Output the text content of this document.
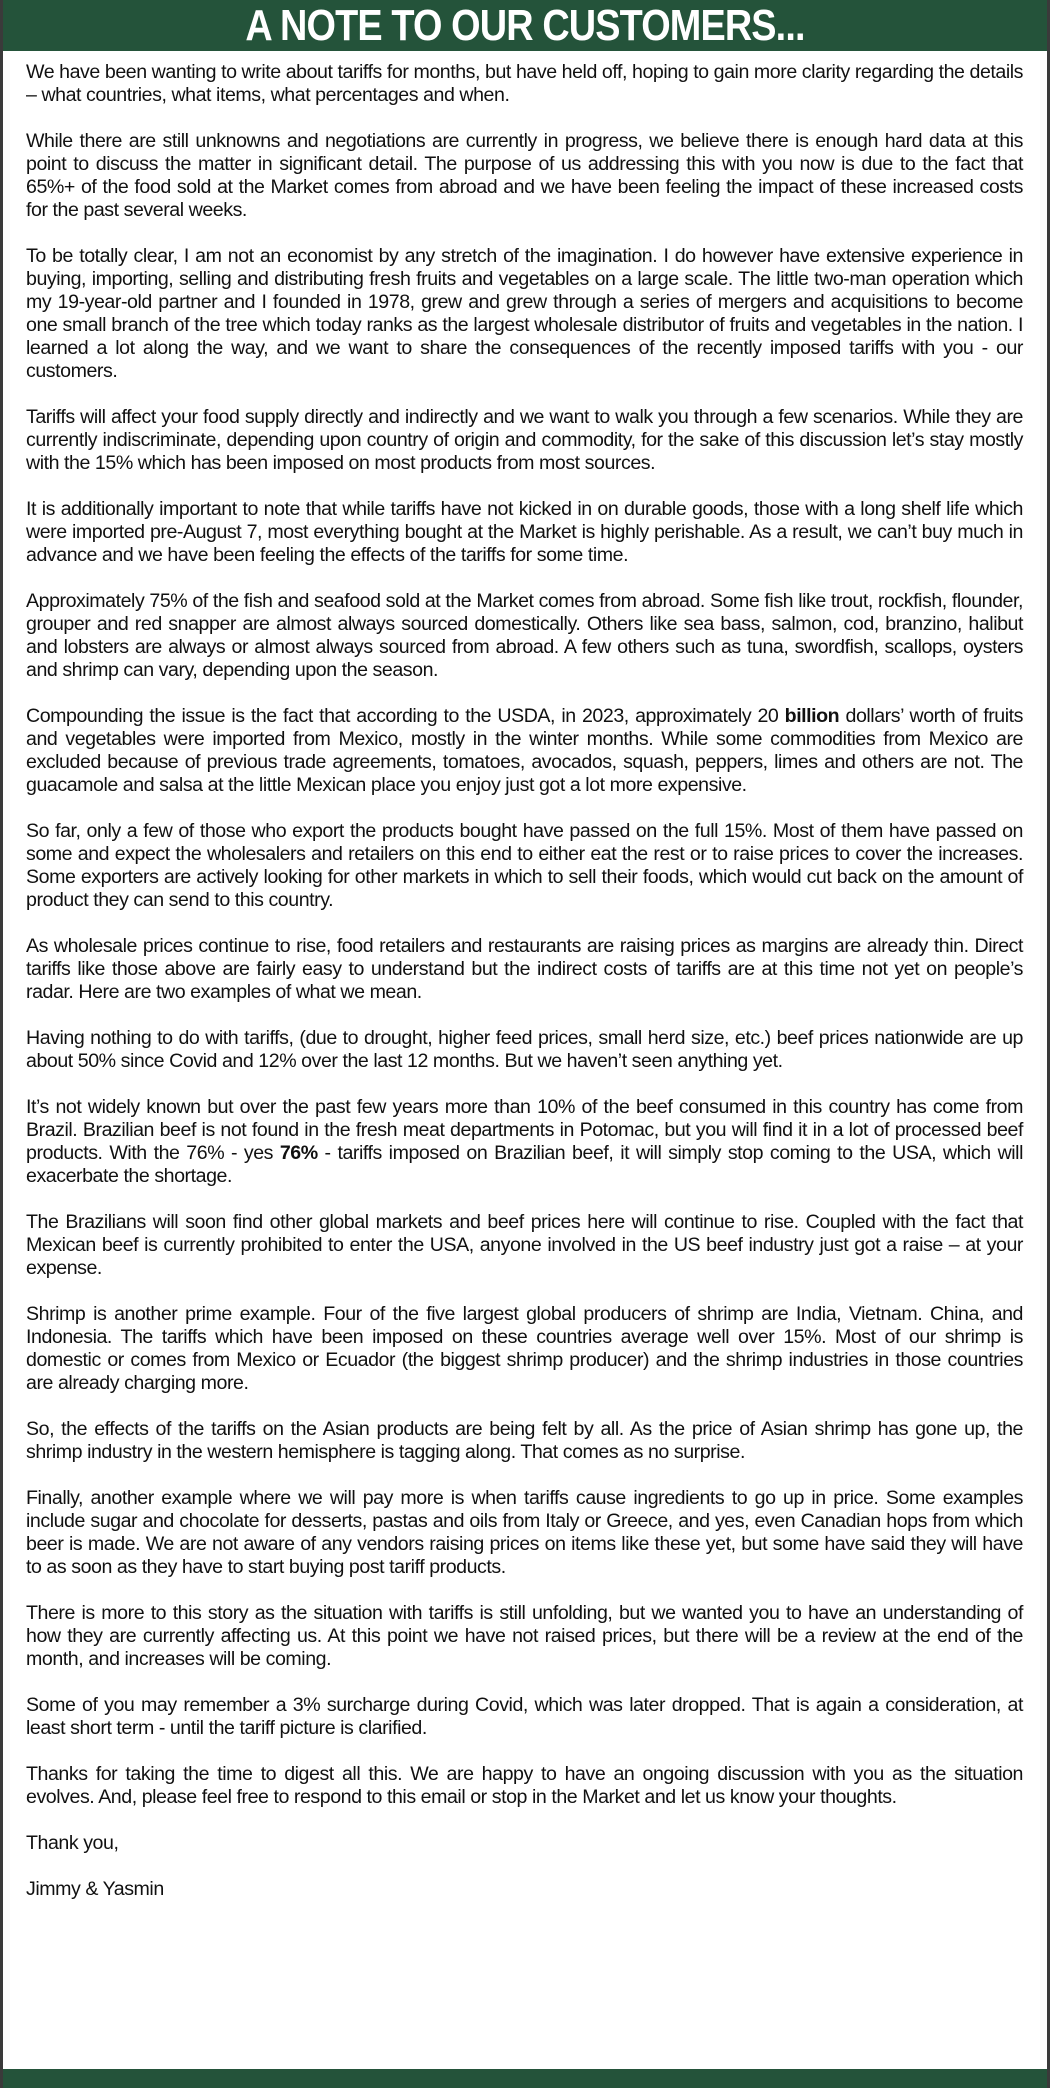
A NOTE TO OUR CUSTOMERS...

We have been wanting to write about tariffs for months, but have held off, hoping to gain more clarity regarding the details – what countries, what items, what percentages and when.

While there are still unknowns and negotiations are currently in progress, we believe there is enough hard data at this point to discuss the matter in significant detail. The purpose of us addressing this with you now is due to the fact that 65%+ of the food sold at the Market comes from abroad and we have been feeling the impact of these increased costs for the past several weeks.

To be totally clear, I am not an economist by any stretch of the imagination. I do however have extensive experience in buying, importing, selling and distributing fresh fruits and vegetables on a large scale. The little two-man operation which my 19-year-old partner and I founded in 1978, grew and grew through a series of mergers and acquisitions to become one small branch of the tree which today ranks as the largest wholesale distributor of fruits and vegetables in the nation. I learned a lot along the way, and we want to share the consequences of the recently imposed tariffs with you - our customers.

Tariffs will affect your food supply directly and indirectly and we want to walk you through a few scenarios. While they are currently indiscriminate, depending upon country of origin and commodity, for the sake of this discussion let’s stay mostly with the 15% which has been imposed on most products from most sources.

It is additionally important to note that while tariffs have not kicked in on durable goods, those with a long shelf life which were imported pre-August 7, most everything bought at the Market is highly perishable. As a result, we can’t buy much in advance and we have been feeling the effects of the tariffs for some time.

Approximately 75% of the fish and seafood sold at the Market comes from abroad. Some fish like trout, rockfish, flounder, grouper and red snapper are almost always sourced domestically. Others like sea bass, salmon, cod, branzino, halibut and lobsters are always or almost always sourced from abroad. A few others such as tuna, swordfish, scallops, oysters and shrimp can vary, depending upon the season.

Compounding the issue is the fact that according to the USDA, in 2023, approximately 20 billion dollars’ worth of fruits and vegetables were imported from Mexico, mostly in the winter months. While some commodities from Mexico are excluded because of previous trade agreements, tomatoes, avocados, squash, peppers, limes and others are not. The guacamole and salsa at the little Mexican place you enjoy just got a lot more expensive.

So far, only a few of those who export the products bought have passed on the full 15%. Most of them have passed on some and expect the wholesalers and retailers on this end to either eat the rest or to raise prices to cover the increases. Some exporters are actively looking for other markets in which to sell their foods, which would cut back on the amount of product they can send to this country.

As wholesale prices continue to rise, food retailers and restaurants are raising prices as margins are already thin. Direct tariffs like those above are fairly easy to understand but the indirect costs of tariffs are at this time not yet on people’s radar. Here are two examples of what we mean.

Having nothing to do with tariffs, (due to drought, higher feed prices, small herd size, etc.) beef prices nationwide are up about 50% since Covid and 12% over the last 12 months. But we haven’t seen anything yet.

It’s not widely known but over the past few years more than 10% of the beef consumed in this country has come from Brazil. Brazilian beef is not found in the fresh meat departments in Potomac, but you will find it in a lot of processed beef products. With the 76% - yes 76% - tariffs imposed on Brazilian beef, it will simply stop coming to the USA, which will exacerbate the shortage.

The Brazilians will soon find other global markets and beef prices here will continue to rise. Coupled with the fact that Mexican beef is currently prohibited to enter the USA, anyone involved in the US beef industry just got a raise – at your expense.

Shrimp is another prime example. Four of the five largest global producers of shrimp are India, Vietnam. China, and Indonesia. The tariffs which have been imposed on these countries average well over 15%. Most of our shrimp is domestic or comes from Mexico or Ecuador (the biggest shrimp producer) and the shrimp industries in those countries are already charging more.

So, the effects of the tariffs on the Asian products are being felt by all. As the price of Asian shrimp has gone up, the shrimp industry in the western hemisphere is tagging along. That comes as no surprise.

Finally, another example where we will pay more is when tariffs cause ingredients to go up in price. Some examples include sugar and chocolate for desserts, pastas and oils from Italy or Greece, and yes, even Canadian hops from which beer is made. We are not aware of any vendors raising prices on items like these yet, but some have said they will have to as soon as they have to start buying post tariff products.

There is more to this story as the situation with tariffs is still unfolding, but we wanted you to have an understanding of how they are currently affecting us. At this point we have not raised prices, but there will be a review at the end of the month, and increases will be coming.

Some of you may remember a 3% surcharge during Covid, which was later dropped. That is again a consideration, at least short term - until the tariff picture is clarified.

Thanks for taking the time to digest all this. We are happy to have an ongoing discussion with you as the situation evolves. And, please feel free to respond to this email or stop in the Market and let us know your thoughts.

Thank you,

Jimmy & Yasmin
